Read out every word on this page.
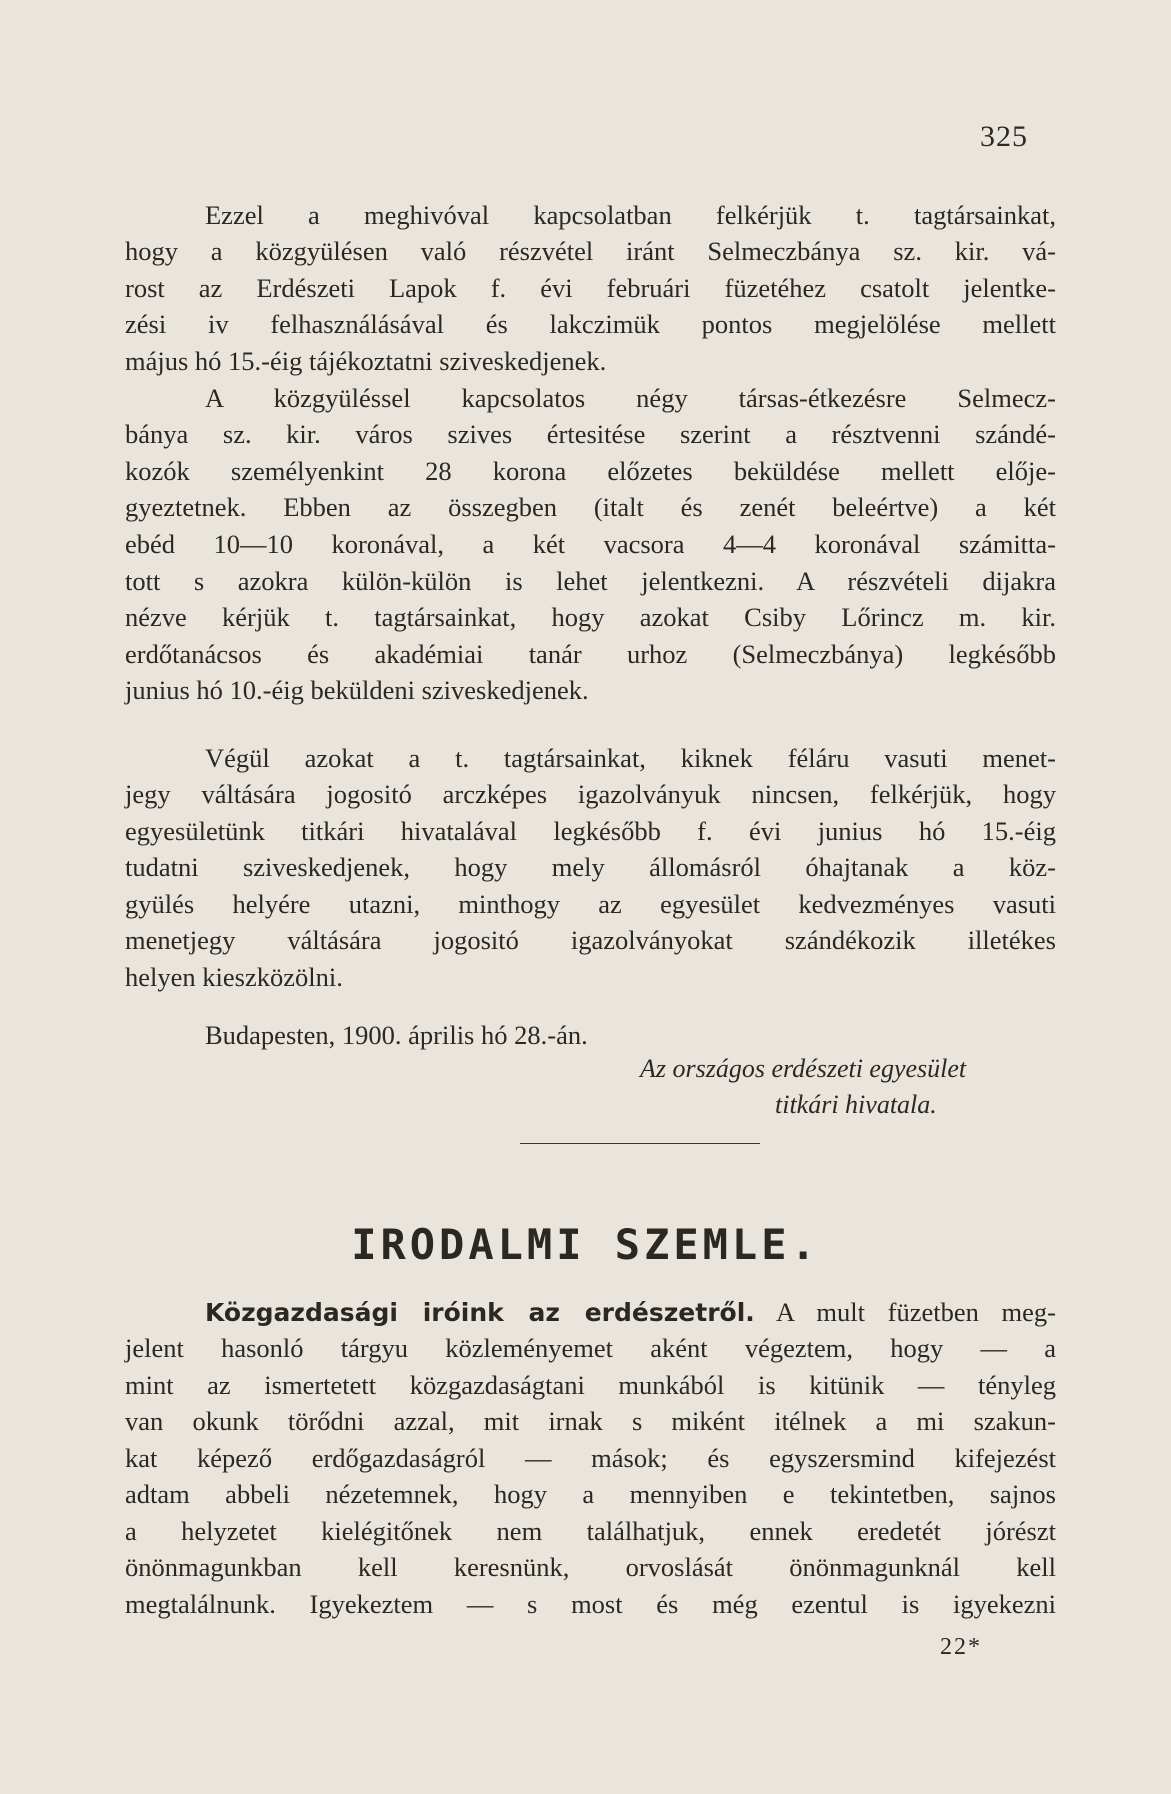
325
Ezzel a meghivóval kapcsolatban felkérjük t. tagtársainkat,
hogy a közgyülésen való részvétel iránt Selmeczbánya sz. kir. vá-
rost az Erdészeti Lapok f. évi februári füzetéhez csatolt jelentke-
zési iv felhasználásával és lakczimük pontos megjelölése mellett
május hó 15.-éig tájékoztatni sziveskedjenek.
A közgyüléssel kapcsolatos négy társas-étkezésre Selmecz-
bánya sz. kir. város szives értesitése szerint a résztvenni szándé-
kozók személyenkint 28 korona előzetes beküldése mellett elője-
gyeztetnek. Ebben az összegben (italt és zenét beleértve) a két
ebéd 10—10 koronával, a két vacsora 4—4 koronával számitta-
tott s azokra külön-külön is lehet jelentkezni. A részvételi dijakra
nézve kérjük t. tagtársainkat, hogy azokat Csiby Lőrincz m. kir.
erdőtanácsos és akadémiai tanár urhoz (Selmeczbánya) legkésőbb
junius hó 10.-éig beküldeni sziveskedjenek.
Végül azokat a t. tagtársainkat, kiknek féláru vasuti menet-
jegy váltására jogositó arczképes igazolványuk nincsen, felkérjük, hogy
egyesületünk titkári hivatalával legkésőbb f. évi junius hó 15.-éig
tudatni sziveskedjenek, hogy mely állomásról óhajtanak a köz-
gyülés helyére utazni, minthogy az egyesület kedvezményes vasuti
menetjegy váltására jogositó igazolványokat szándékozik illetékes
helyen kieszközölni.
Budapesten, 1900. április hó 28.-án.
Az országos erdészeti egyesület
titkári hivatala.
IRODALMI SZEMLE.
Közgazdasági iróink az erdészetről. A mult füzetben meg-
jelent hasonló tárgyu közleményemet aként végeztem, hogy — a
mint az ismertetett közgazdaságtani munkából is kitünik — tényleg
van okunk törődni azzal, mit irnak s miként itélnek a mi szakun-
kat képező erdőgazdaságról — mások; és egyszersmind kifejezést
adtam abbeli nézetemnek, hogy a mennyiben e tekintetben, sajnos
a helyzetet kielégitőnek nem találhatjuk, ennek eredetét jórészt
önönmagunkban kell keresnünk, orvoslását önönmagunknál kell
megtalálnunk. Igyekeztem — s most és még ezentul is igyekezni
22*
